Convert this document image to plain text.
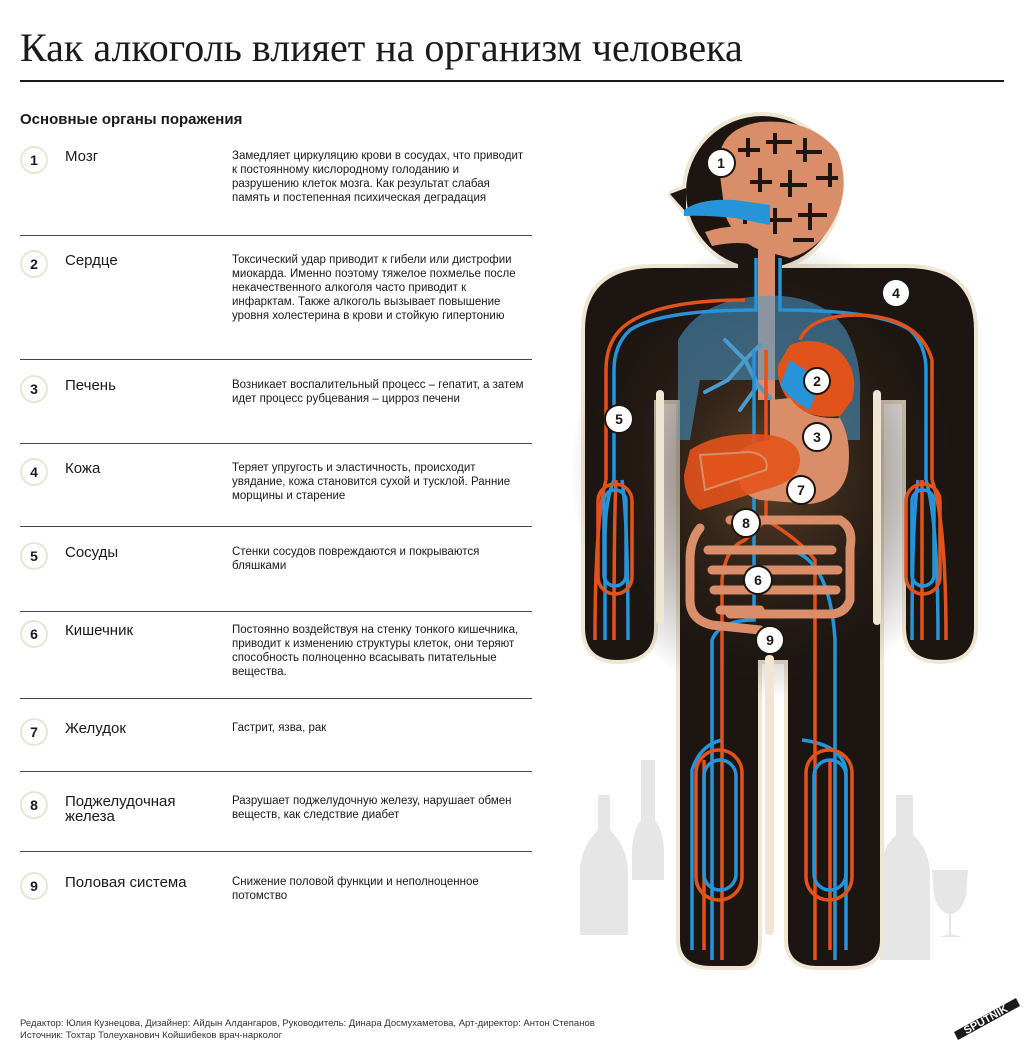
Как алкоголь влияет на организм человека
Основные органы поражения
1	Мозг	Замедляет циркуляцию крови в сосудах, что приводит к постоянному кислородному голоданию и разрушению клеток мозга. Как результат слабая память и постепенная психическая деградация
2	Сердце	Токсический удар приводит к гибели или дистрофии миокарда. Именно поэтому тяжелое похмелье после некачественного алкоголя часто приводит к инфарктам. Также алкоголь вызывает повышение уровня холестерина в крови и стойкую гипертонию
3	Печень	Возникает воспалительный процесс – гепатит, а затем идет процесс рубцевания – цирроз печени
4	Кожа	Теряет упругость и эластичность, происходит увядание, кожа становится сухой и тусклой. Ранние морщины и старение
5	Сосуды	Стенки сосудов повреждаются и покрываются бляшками
6	Кишечник	Постоянно воздействуя на стенку тонкого кишечника, приводит к изменению структуры клеток, они теряют способность полноценно всасывать питательные вещества.
7	Желудок	Гастрит, язва, рак
8	Поджелудочная железа
Разрушает поджелудочную железу, нарушает обмен веществ, как следствие диабет
9	Половая система	Снижение половой функции и неполноценное потомство
1
2
3
4
5
6
7
8
9
Редактор: Юлия Кузнецова, Дизайнер: Айдын Алдангаров, Руководитель: Динара Досмухаметова, Арт-директор: Антон Степанов
Источник: Тохтар Толеуханович Койшибеков врач-нарколог	SPUTNIK
